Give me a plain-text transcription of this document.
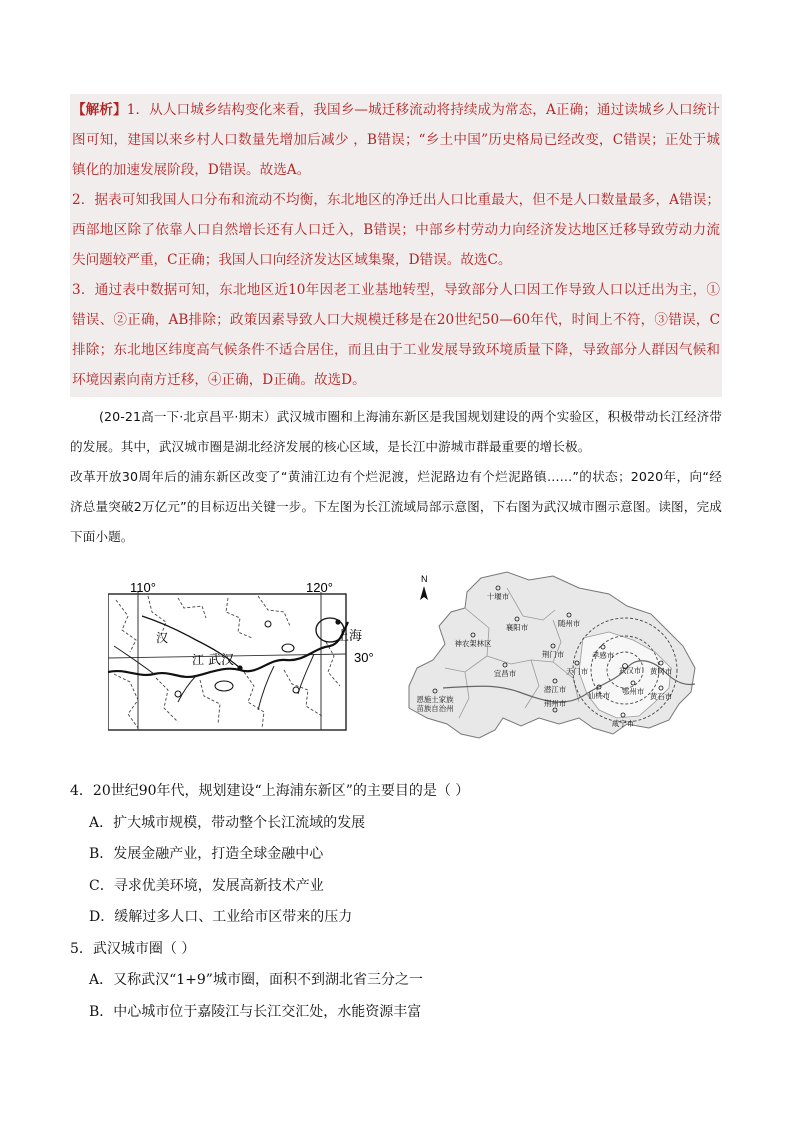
【解析】1．从人口城乡结构变化来看，我国乡—城迁移流动将持续成为常态，A正确；通过读城乡人口统计图可知，建国以来乡村人口数量先增加后减少 ，B错误；“乡土中国”历史格局已经改变，C错误；正处于城镇化的加速发展阶段，D错误。故选A。

2．据表可知我国人口分布和流动不均衡，东北地区的净迁出人口比重最大，但不是人口数量最多，A错误；西部地区除了依靠人口自然增长还有人口迁入，B错误；中部乡村劳动力向经济发达地区迁移导致劳动力流失问题较严重，C正确；我国人口向经济发达区域集聚，D错误。故选C。

3．通过表中数据可知，东北地区近10年因老工业基地转型，导致部分人口因工作导致人口以迁出为主，①错误、②正确，AB排除；政策因素导致人口大规模迁移是在20世纪50—60年代，时间上不符，③错误，C排除；东北地区纬度高气候条件不适合居住，而且由于工业发展导致环境质量下降，导致部分人群因气候和环境因素向南方迁移，④正确，D正确。故选D。

(20-21高一下·北京昌平·期末）武汉城市圈和上海浦东新区是我国规划建设的两个实验区，积极带动长江经济带的发展。其中，武汉城市圈是湖北经济发展的核心区域，是长江中游城市群最重要的增长极。

改革开放30周年后的浦东新区改变了“黄浦江边有个烂泥渡，烂泥路边有个烂泥路镇……”的状态；2020年，向“经济总量突破2万亿元”的目标迈出关键一步。下左图为长江流域局部示意图，下右图为武汉城市圈示意图。读图，完成下面小题。

110°	120°
30°
汉
江 武汉
上海
N
十堰市
襄阳市	随州市
神农架林区
荆门市	孝感市
宜昌市	天门市	武汉市 黄冈市
潜江市	鄂州市
恩施土家族
苗族自治州
荆州市
仙桃市	黄石市
咸宁市

4．20世纪90年代，规划建设“上海浦东新区”的主要目的是（ ）

A．扩大城市规模，带动整个长江流域的发展

B．发展金融产业，打造全球金融中心

C．寻求优美环境，发展高新技术产业

D．缓解过多人口、工业给市区带来的压力

5．武汉城市圈（ ）

A．又称武汉“1+9”城市圈，面积不到湖北省三分之一

B．中心城市位于嘉陵江与长江交汇处，水能资源丰富
